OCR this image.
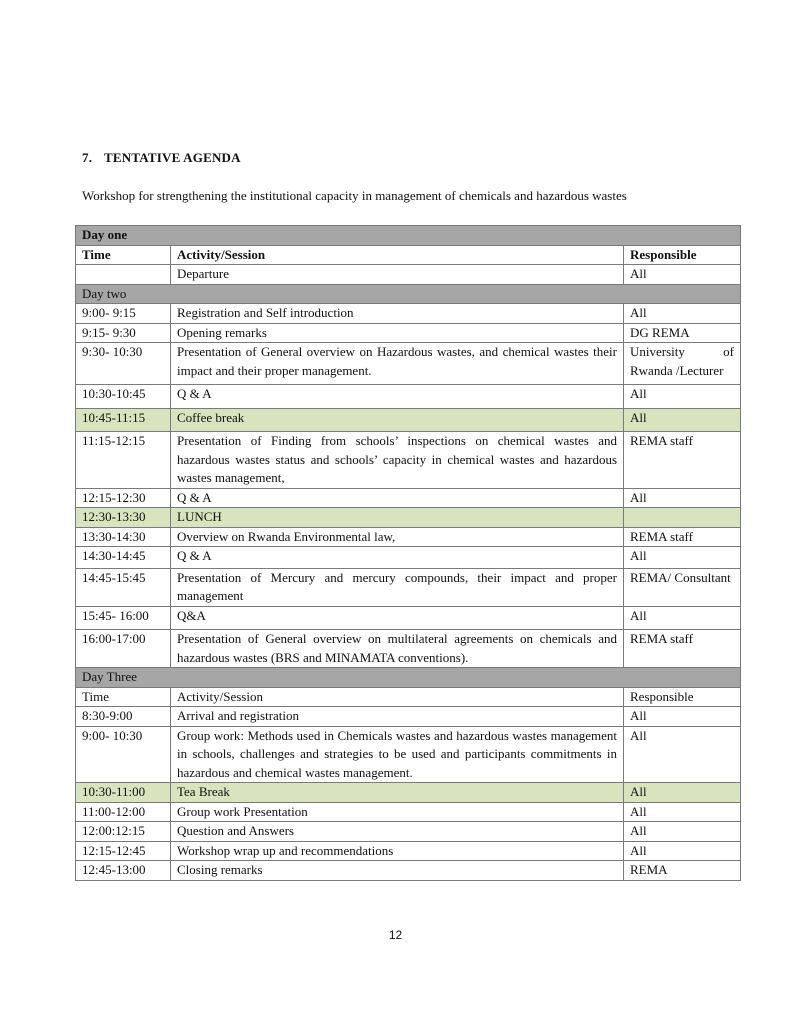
7. TENTATIVE AGENDA
Workshop for strengthening the institutional capacity in management of chemicals and hazardous wastes
Day one		
Time	Activity/Session	Responsible
	Departure	All
Day two		
9:00- 9:15	Registration and Self introduction	All
9:15- 9:30	Opening remarks	DG REMA
9:30- 10:30	Presentation of General overview on Hazardous wastes, and chemical wastes their impact and their proper management.	University of Rwanda /Lecturer
10:30-10:45	Q & A	All
10:45-11:15	Coffee break	All
11:15-12:15	Presentation of Finding from schools’ inspections on chemical wastes and hazardous wastes status and schools’ capacity in chemical wastes and hazardous wastes management,	REMA staff
12:15-12:30	Q & A	All
12:30-13:30	LUNCH	
13:30-14:30	Overview on Rwanda Environmental law,	REMA staff
14:30-14:45	Q & A	All
14:45-15:45	Presentation of Mercury and mercury compounds, their impact and proper management	REMA/ Consultant
15:45- 16:00	Q&A	All
16:00-17:00	Presentation of General overview on multilateral agreements on chemicals and hazardous wastes (BRS and MINAMATA conventions).	REMA staff
Day Three		
Time	Activity/Session	Responsible
8:30-9:00	Arrival and registration	All
9:00- 10:30	Group work: Methods used in Chemicals wastes and hazardous wastes management in schools, challenges and strategies to be used and participants commitments in hazardous and chemical wastes management.	All
10:30-11:00	Tea Break	All
11:00-12:00	Group work Presentation	All
12:00:12:15	Question and Answers	All
12:15-12:45	Workshop wrap up and recommendations	All
12:45-13:00	Closing remarks	REMA
12
